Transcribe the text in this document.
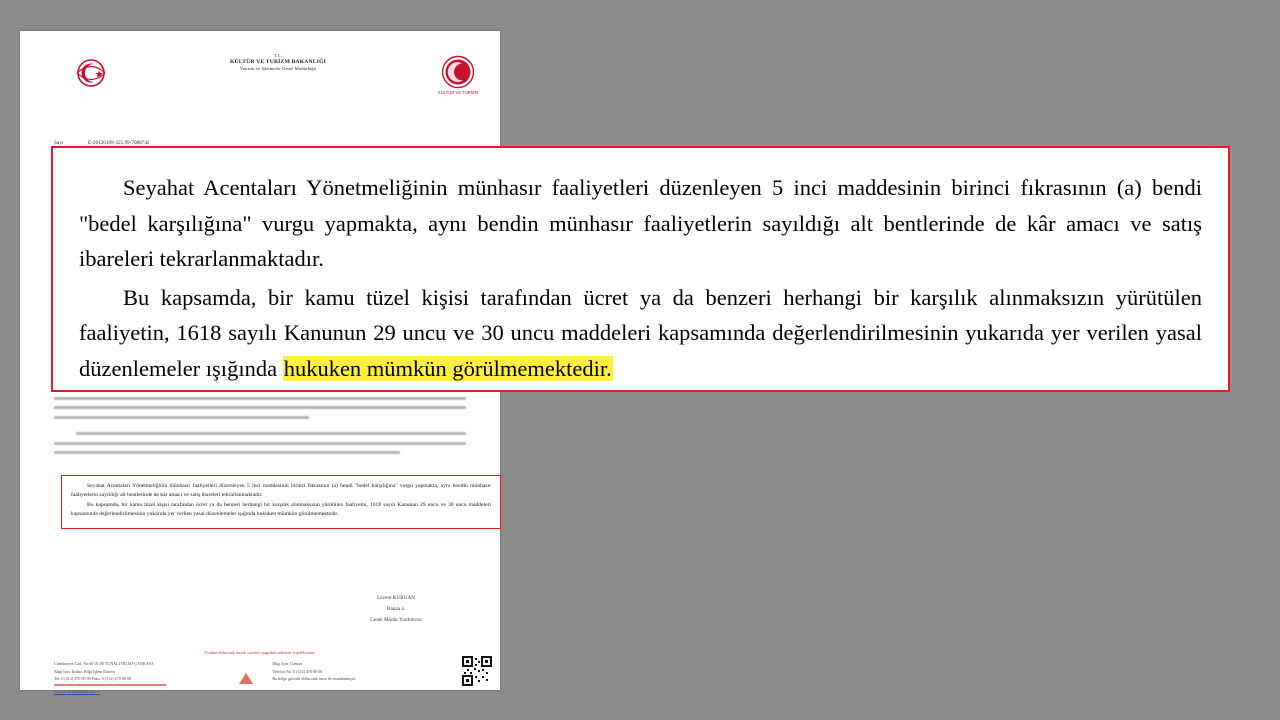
KÜLTÜR VE TURİZM
T.C.
KÜLTÜR VE TURİZM BAKANLIĞI
Yatırım ve İşletmeler Genel Müdürlüğü
Sayı	E-26120109-325.99-7088742

Seyahat Acentaları Yönetmeliğinin münhasır faaliyetleri düzenleyen 5 inci maddesinin birinci fıkrasının (a) bendi "bedel karşılığına" vurgu yapmakta, aynı bendin münhasır faaliyetlerin sayıldığı alt bentlerinde de kâr amacı ve satış ibareleri tekrarlanmaktadır.

Bu kapsamda, bir kamu tüzel kişisi tarafından ücret ya da benzeri herhangi bir karşılık alınmaksızın yürütülen faaliyetin, 1618 sayılı Kanunun 29 uncu ve 30 uncu maddeleri kapsamında değerlendirilmesinin yukarıda yer verilen yasal düzenlemeler ışığında hukuken mümkün görülmemektedir.

Levent KURUAN
Bakan a.
Genel Müdür Yardımcısı
Evrakın elektronik imzalı suretine aşağıdaki adresten erişebilirsiniz.
Cumhuriyet Cad. No:60 01:00 TUNALI HİLMİ-ÇANKAYA
Bilgi İçin: İrtibat: Bilgi İşlem Dairesi
Tel: 0 (312) 470 00 00 Faks: 0 (312) 470 00 00
e-posta: iletisim@ktb.gov.tr
Bilgi İçin: Uzman
Telefon No: 0 (312) 470 00 00
Bu belge güvenli elektronik imza ile imzalanmıştır.

Seyahat Acentaları Yönetmeliğinin münhasır faaliyetleri düzenleyen 5 inci maddesinin birinci fıkrasının (a) bendi "bedel karşılığına" vurgu yapmakta, aynı bendin münhasır faaliyetlerin sayıldığı alt bentlerinde de kâr amacı ve satış ibareleri tekrarlanmaktadır.

Bu kapsamda, bir kamu tüzel kişisi tarafından ücret ya da benzeri herhangi bir karşılık alınmaksızın yürütülen faaliyetin, 1618 sayılı Kanunun 29 uncu ve 30 uncu maddeleri kapsamında değerlendirilmesinin yukarıda yer verilen yasal düzenlemeler ışığında hukuken mümkün görülmemektedir.
